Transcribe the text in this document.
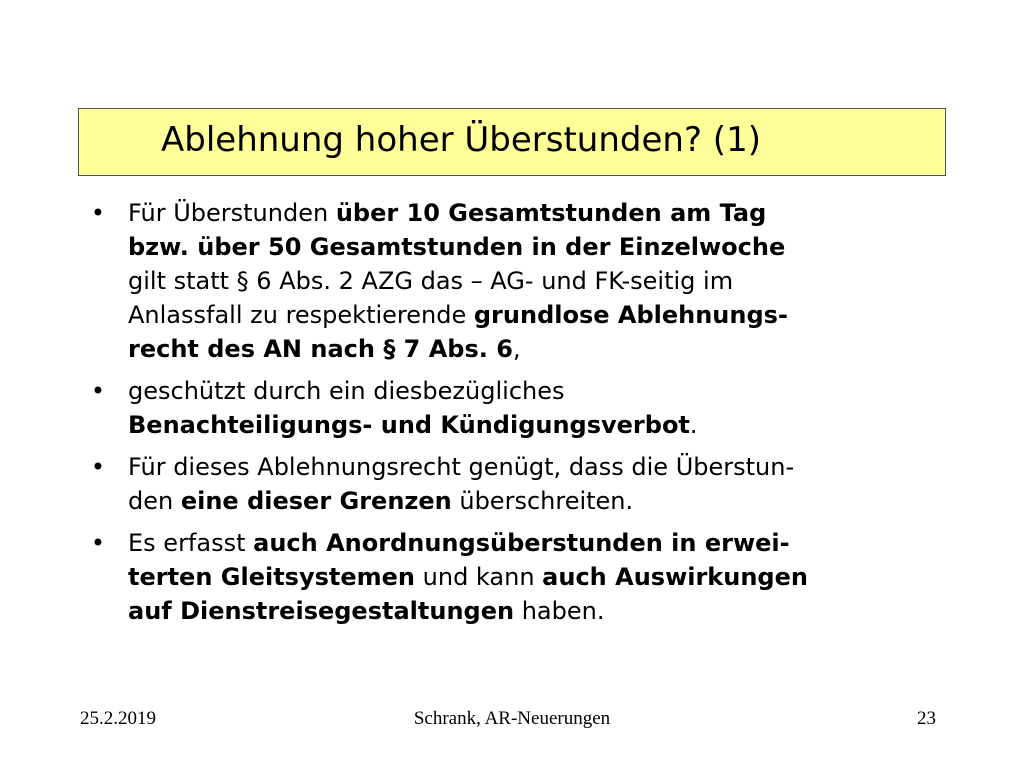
Ablehnung hoher Überstunden? (1)
• Für Überstunden über 10 Gesamtstunden am Tag
bzw. über 50 Gesamtstunden in der Einzelwoche
gilt statt § 6 Abs. 2 AZG das – AG- und FK-seitig im
Anlassfall zu respektierende grundlose Ablehnungs-
recht des AN nach § 7 Abs. 6,
• geschützt durch ein diesbezügliches
Benachteiligungs- und Kündigungsverbot.
• Für dieses Ablehnungsrecht genügt, dass die Überstun-
den eine dieser Grenzen überschreiten.
• Es erfasst auch Anordnungsüberstunden in erwei-
terten Gleitsystemen und kann auch Auswirkungen
auf Dienstreisegestaltungen haben.
25.2.2019	Schrank, AR-Neuerungen	23
